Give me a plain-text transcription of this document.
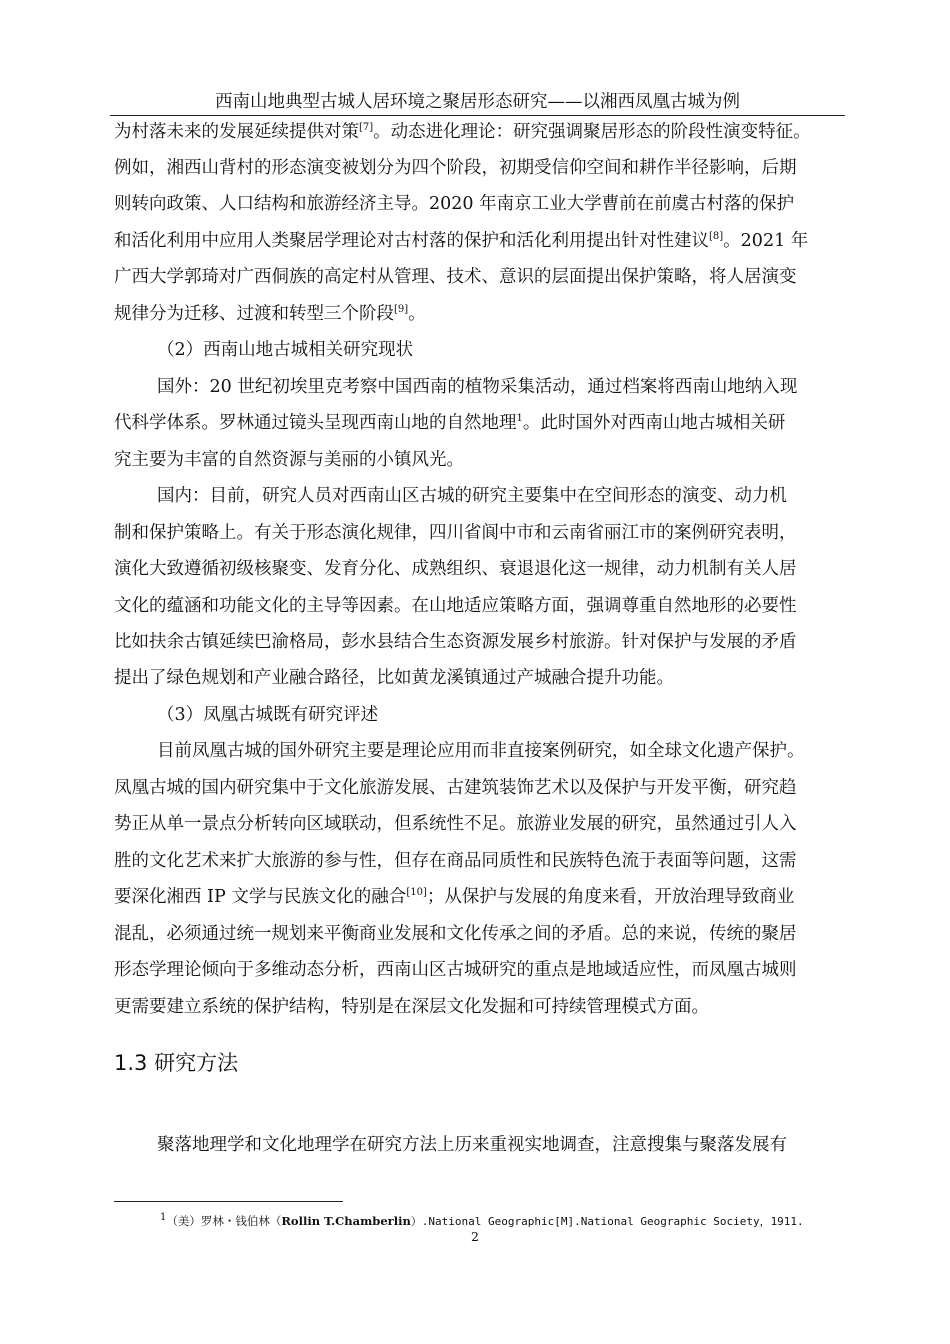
西南山地典型古城人居环境之聚居形态研究——以湘西凤凰古城为例
为村落未来的发展延续提供对策[7]。动态进化理论：研究强调聚居形态的阶段性演变特征。
例如，湘西山背村的形态演变被划分为四个阶段，初期受信仰空间和耕作半径影响，后期
则转向政策、人口结构和旅游经济主导。2020 年南京工业大学曹前在前虞古村落的保护
和活化利用中应用人类聚居学理论对古村落的保护和活化利用提出针对性建议[8]。2021 年
广西大学郭琦对广西侗族的高定村从管理、技术、意识的层面提出保护策略，将人居演变
规律分为迁移、过渡和转型三个阶段[9]。
（2）西南山地古城相关研究现状
国外：20 世纪初埃里克考察中国西南的植物采集活动，通过档案将西南山地纳入现
代科学体系。罗林通过镜头呈现西南山地的自然地理$^1$。此时国外对西南山地古城相关研
究主要为丰富的自然资源与美丽的小镇风光。
国内：目前，研究人员对西南山区古城的研究主要集中在空间形态的演变、动力机
制和保护策略上。有关于形态演化规律，四川省阆中市和云南省丽江市的案例研究表明，
演化大致遵循初级核聚变、发育分化、成熟组织、衰退退化这一规律，动力机制有关人居
文化的蕴涵和功能文化的主导等因素。在山地适应策略方面，强调尊重自然地形的必要性
比如扶余古镇延续巴渝格局，彭水县结合生态资源发展乡村旅游。针对保护与发展的矛盾
提出了绿色规划和产业融合路径，比如黄龙溪镇通过产城融合提升功能。
（3）凤凰古城既有研究评述
目前凤凰古城的国外研究主要是理论应用而非直接案例研究，如全球文化遗产保护。
凤凰古城的国内研究集中于文化旅游发展、古建筑装饰艺术以及保护与开发平衡，研究趋
势正从单一景点分析转向区域联动，但系统性不足。旅游业发展的研究，虽然通过引人入
胜的文化艺术来扩大旅游的参与性，但存在商品同质性和民族特色流于表面等问题，这需
要深化湘西 IP 文学与民族文化的融合[10]；从保护与发展的角度来看，开放治理导致商业
混乱，必须通过统一规划来平衡商业发展和文化传承之间的矛盾。总的来说，传统的聚居
形态学理论倾向于多维动态分析，西南山区古城研究的重点是地域适应性，而凤凰古城则
更需要建立系统的保护结构，特别是在深层文化发掘和可持续管理模式方面。
1.3 研究方法
聚落地理学和文化地理学在研究方法上历来重视实地调查，注意搜集与聚落发展有
$^1$（美）罗林・钱伯林（Rollin T.Chamberlin）.National Geographic[M].National Geographic Society，1911.
2
